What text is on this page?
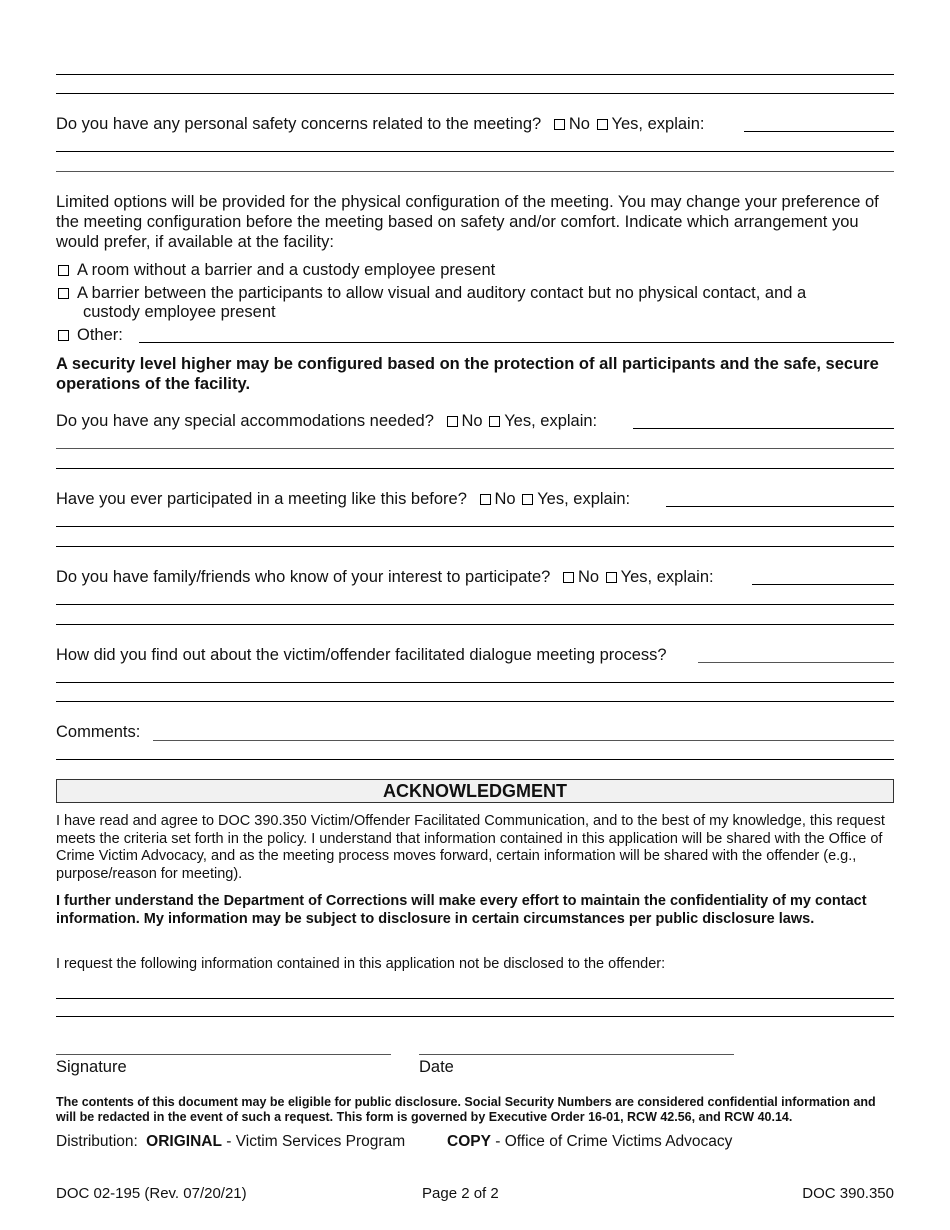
Do you have any personal safety concerns related to the meeting? No Yes, explain:
Limited options will be provided for the physical configuration of the meeting. You may change your preference of the meeting configuration before the meeting based on safety and/or comfort. Indicate which arrangement you would prefer, if available at the facility:
A room without a barrier and a custody employee present
A barrier between the participants to allow visual and auditory contact but no physical contact, and a
custody employee present
Other:
A security level higher may be configured based on the protection of all participants and the safe, secure operations of the facility.
Do you have any special accommodations needed? No Yes, explain:
Have you ever participated in a meeting like this before? No Yes, explain:
Do you have family/friends who know of your interest to participate? No Yes, explain:
How did you find out about the victim/offender facilitated dialogue meeting process?
Comments:
ACKNOWLEDGMENT
I have read and agree to DOC 390.350 Victim/Offender Facilitated Communication, and to the best of my knowledge, this request meets the criteria set forth in the policy. I understand that information contained in this application will be shared with the Office of Crime Victim Advocacy, and as the meeting process moves forward, certain information will be shared with the offender (e.g., purpose/reason for meeting).
I further understand the Department of Corrections will make every effort to maintain the confidentiality of my contact information. My information may be subject to disclosure in certain circumstances per public disclosure laws.
I request the following information contained in this application not be disclosed to the offender:
Signature	Date
The contents of this document may be eligible for public disclosure. Social Security Numbers are considered confidential information and will be redacted in the event of such a request. This form is governed by Executive Order 16-01, RCW 42.56, and RCW 40.14.
Distribution: ORIGINAL - Victim Services Program	COPY - Office of Crime Victims Advocacy
DOC 02-195 (Rev. 07/20/21)	Page 2 of 2	DOC 390.350
